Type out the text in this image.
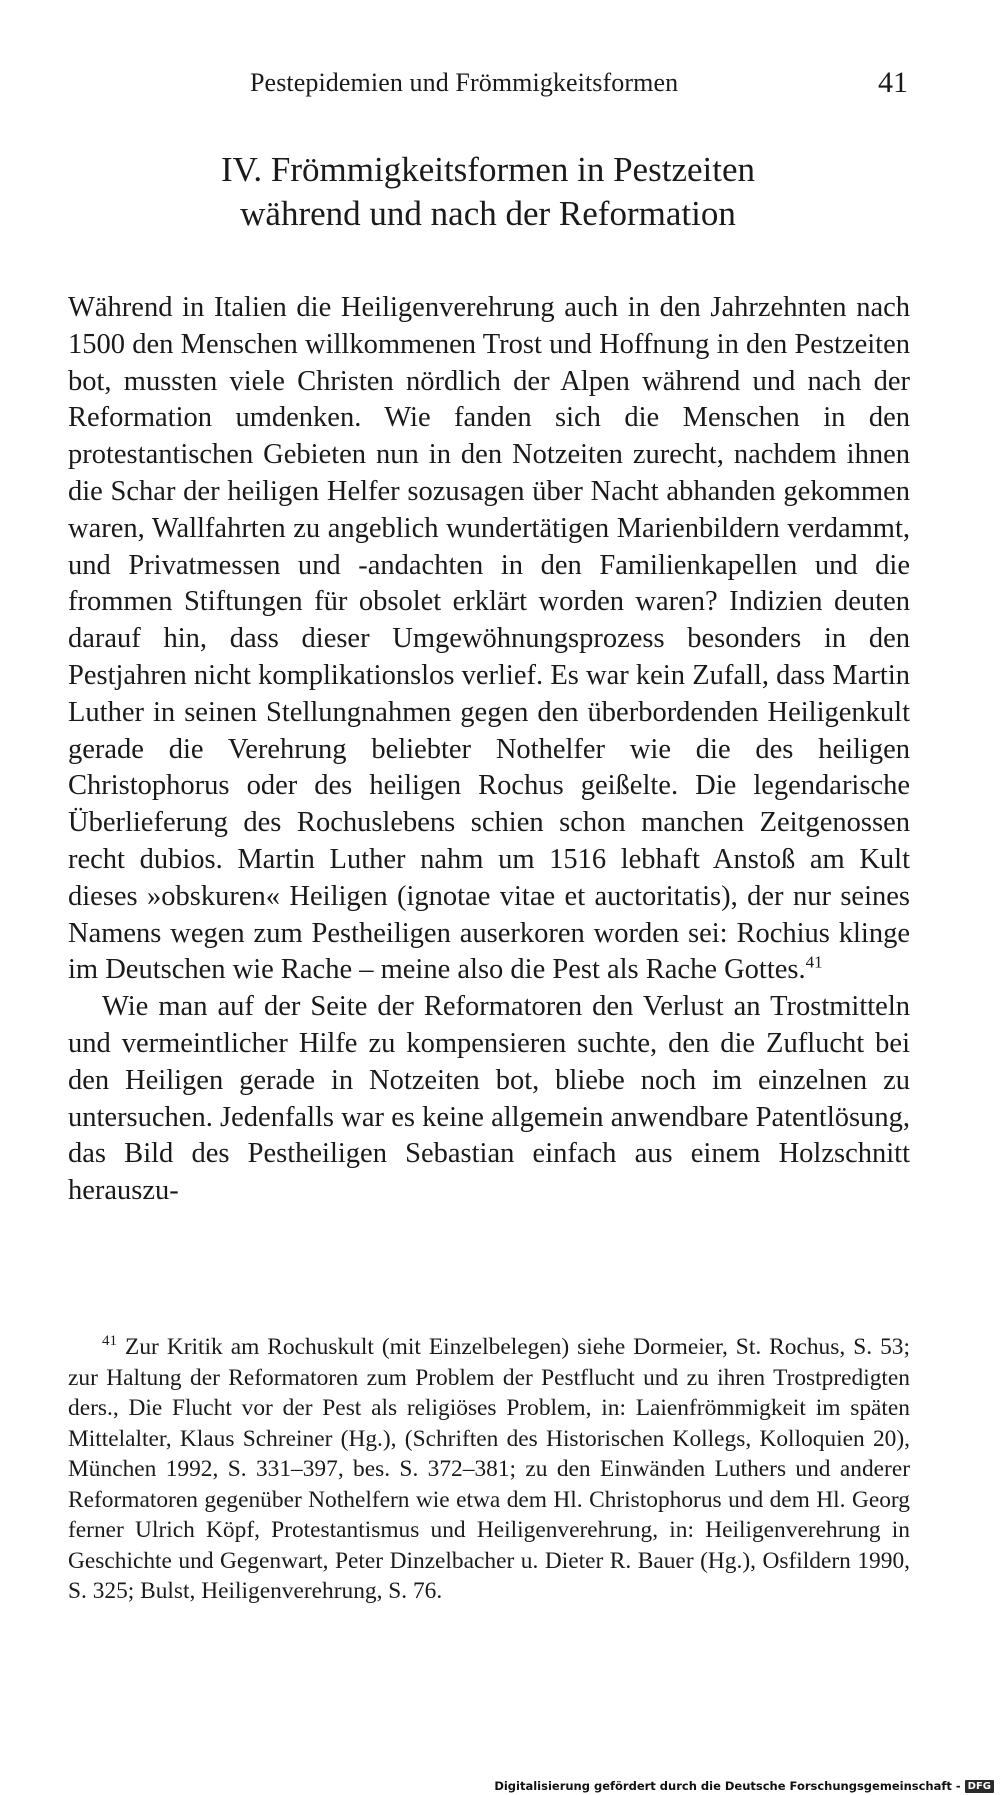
Pestepidemien und Frömmigkeitsformen	41
IV. Frömmigkeitsformen in Pestzeiten
während und nach der Reformation

Während in Italien die Heiligenverehrung auch in den Jahrzehnten nach 1500 den Menschen willkommenen Trost und Hoffnung in den Pestzeiten bot, mussten viele Christen nördlich der Alpen während und nach der Reformation umdenken. Wie fanden sich die Menschen in den protestantischen Gebieten nun in den Notzeiten zurecht, nachdem ihnen die Schar der heiligen Helfer sozusagen über Nacht abhanden gekommen waren, Wallfahrten zu angeblich wundertätigen Marienbildern verdammt, und Privatmessen und -andachten in den Familienkapellen und die frommen Stiftungen für obsolet erklärt worden waren? Indizien deuten darauf hin, dass dieser Umgewöhnungsprozess besonders in den Pestjahren nicht komplikationslos verlief. Es war kein Zufall, dass Martin Luther in seinen Stellungnahmen gegen den überbordenden Heiligenkult gerade die Verehrung beliebter Nothelfer wie die des heiligen Christophorus oder des heiligen Rochus geißelte. Die legendarische Überlieferung des Rochuslebens schien schon manchen Zeitgenossen recht dubios. Martin Luther nahm um 1516 lebhaft Anstoß am Kult dieses »obskuren« Heiligen (ignotae vitae et auctoritatis), der nur seines Namens wegen zum Pestheiligen auserkoren worden sei: Rochius klinge im Deutschen wie Rache – meine also die Pest als Rache Gottes.$^{41}$

Wie man auf der Seite der Reformatoren den Verlust an Trostmitteln und vermeintlicher Hilfe zu kompensieren suchte, den die Zuflucht bei den Heiligen gerade in Notzeiten bot, bliebe noch im einzelnen zu untersuchen. Jedenfalls war es keine allgemein anwendbare Patentlösung, das Bild des Pestheiligen Sebastian einfach aus einem Holzschnitt herauszu-

$^{41}$ Zur Kritik am Rochuskult (mit Einzelbelegen) siehe Dormeier, St. Rochus, S. 53; zur Haltung der Reformatoren zum Problem der Pestflucht und zu ihren Trostpredigten ders., Die Flucht vor der Pest als religiöses Problem, in: Laienfrömmigkeit im späten Mittelalter, Klaus Schreiner (Hg.), (Schriften des Historischen Kollegs, Kolloquien 20), München 1992, S. 331–397, bes. S. 372–381; zu den Einwänden Luthers und anderer Reformatoren gegenüber Nothelfern wie etwa dem Hl. Christophorus und dem Hl. Georg ferner Ulrich Köpf, Protestantismus und Heiligenverehrung, in: Heiligenverehrung in Geschichte und Gegenwart, Peter Dinzelbacher u. Dieter R. Bauer (Hg.), Osfildern 1990, S. 325; Bulst, Heiligenverehrung, S. 76.

Digitalisierung gefördert durch die Deutsche Forschungsgemeinschaft - DFG
